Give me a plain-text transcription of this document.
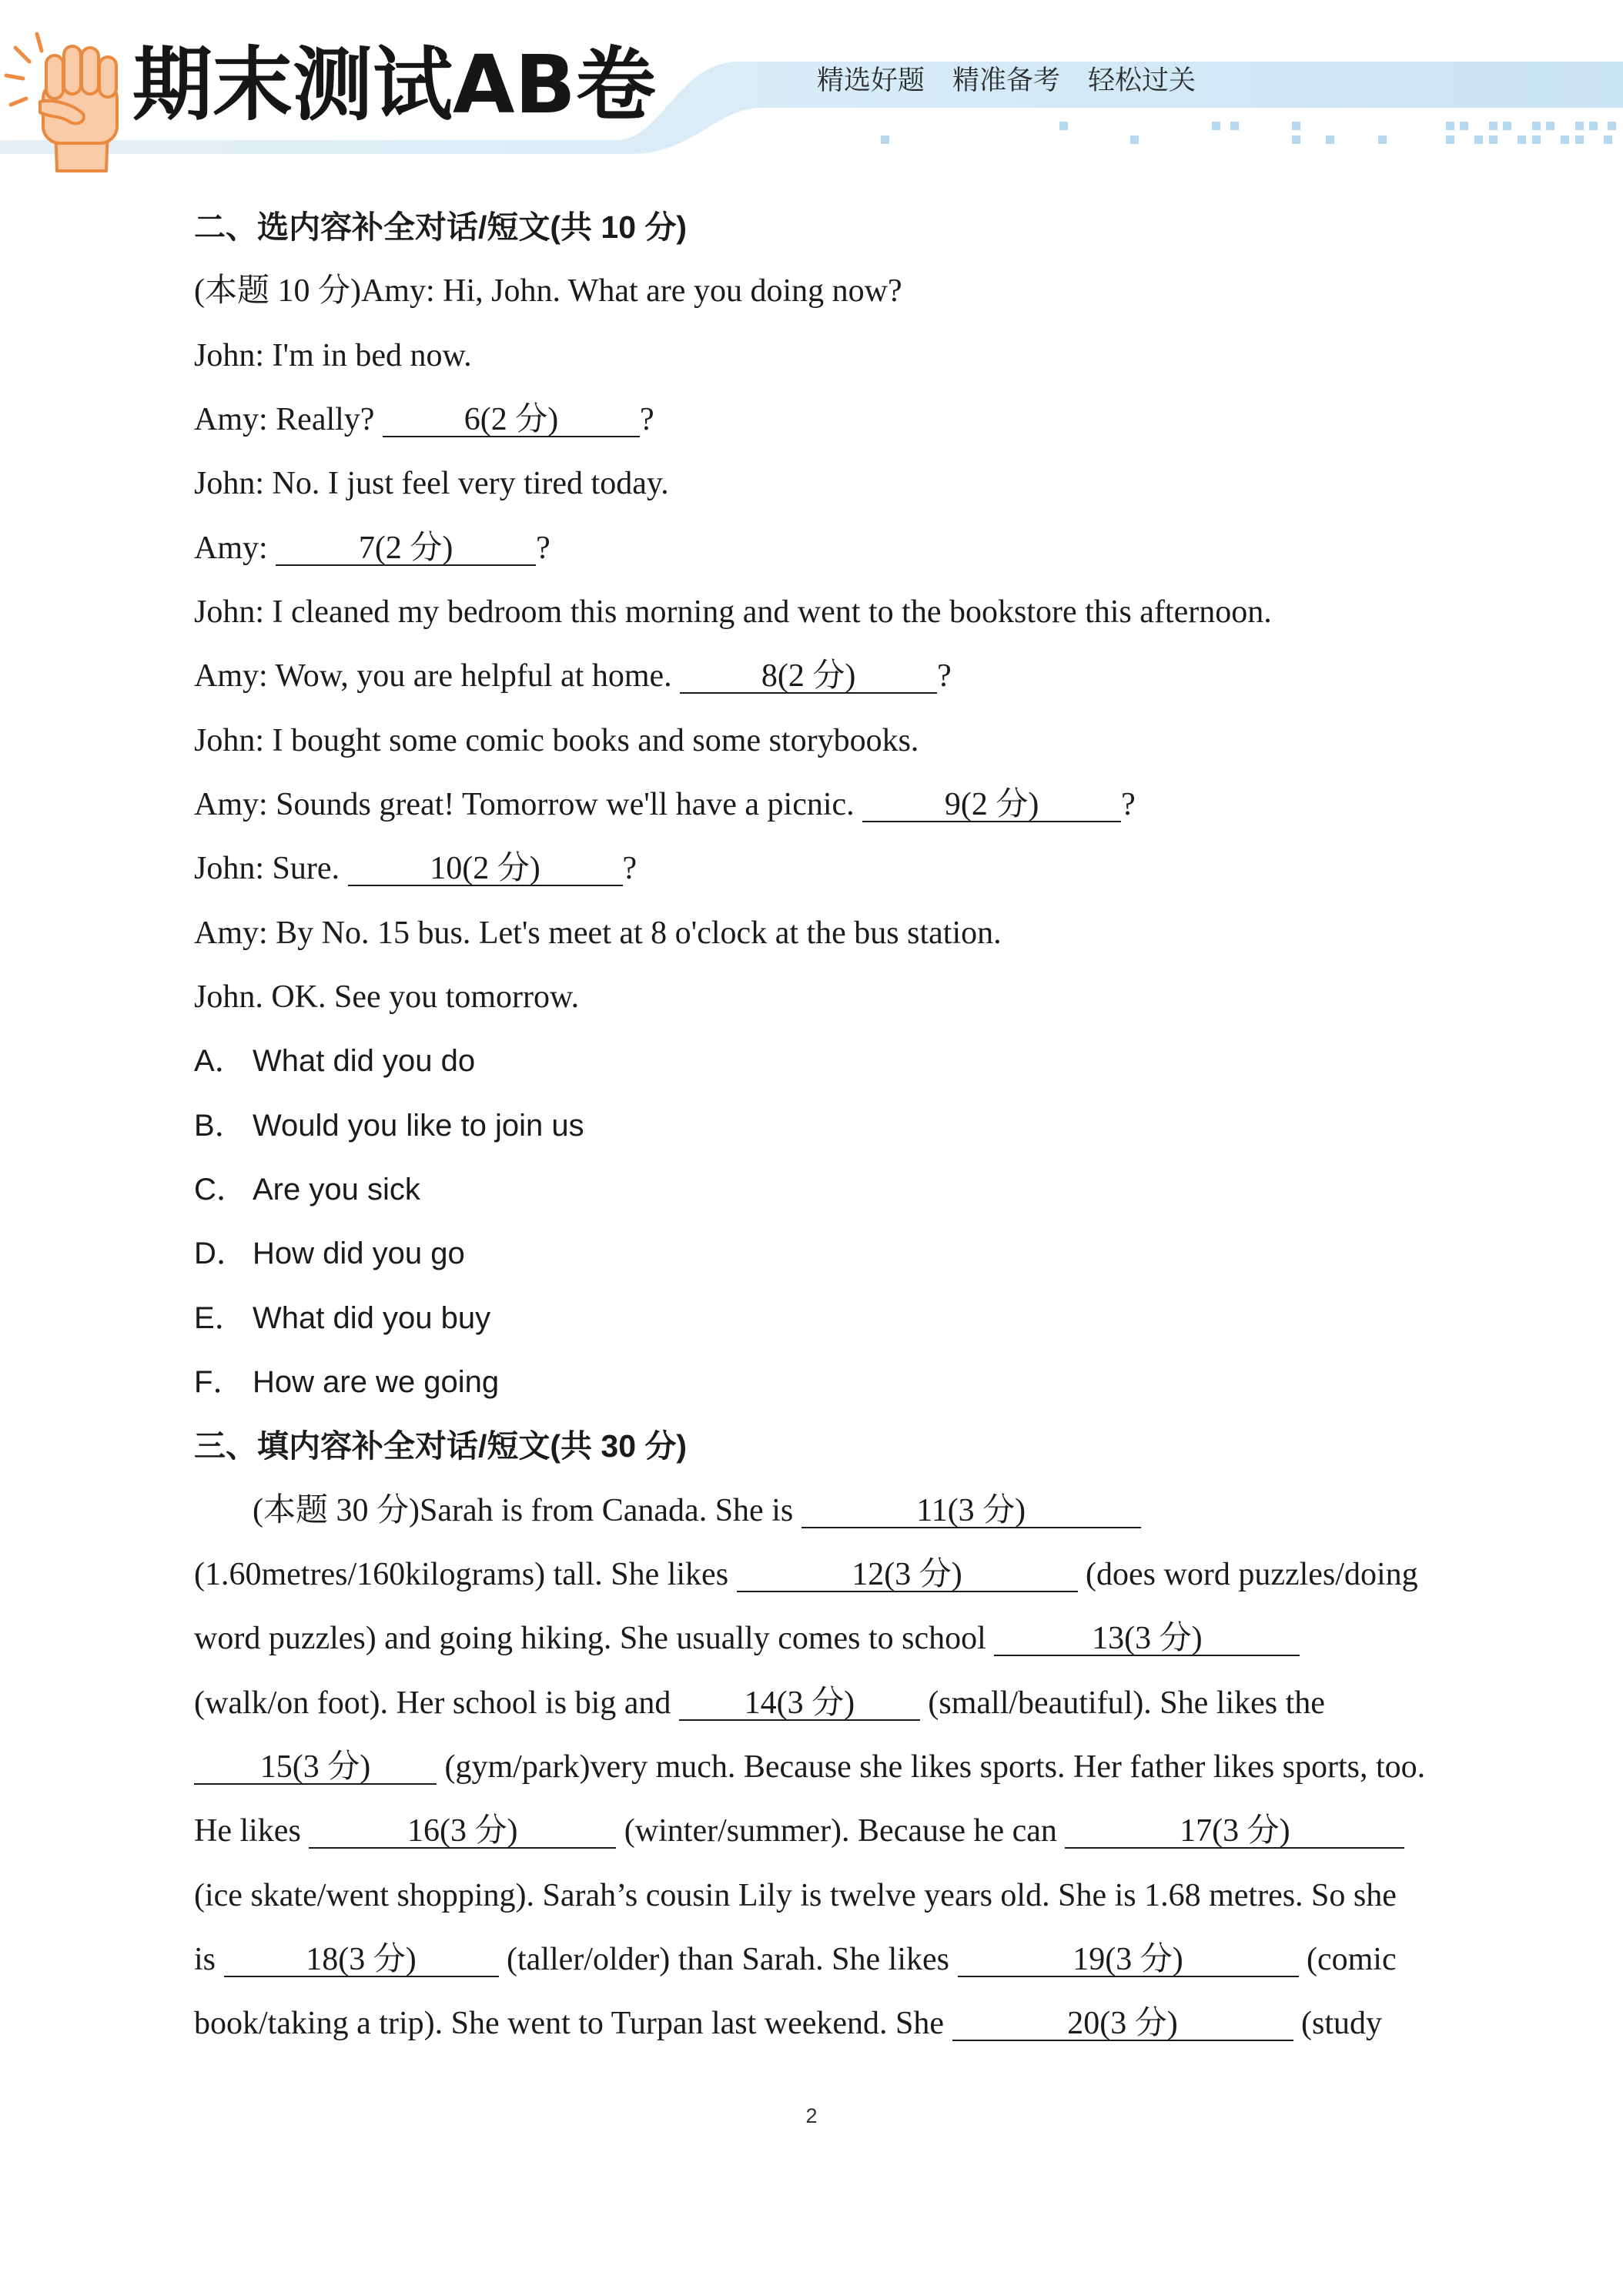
期末测试AB卷	精选好题 精准备考 轻松过关
二、选内容补全对话/短文(共 10 分)
(本题 10 分)Amy: Hi, John. What are you doing now?
John: I'm in bed now.
Amy: Really?	6(2 分)	?
John: No. I just feel very tired today.
Amy:	7(2 分)	?
John: I cleaned my bedroom this morning and went to the bookstore this afternoon.
Amy: Wow, you are helpful at home.	8(2 分)	?
John: I bought some comic books and some storybooks.
Amy: Sounds great! Tomorrow we'll have a picnic.	9(2 分)	?
John: Sure.	10(2 分)	?
Amy: By No. 15 bus. Let's meet at 8 o'clock at the bus station.
John. OK. See you tomorrow.
A． What did you do
B． Would you like to join us
C． Are you sick
D． How did you go
E． What did you buy
F． How are we going
三、填内容补全对话/短文(共 30 分)
(本题 30 分)Sarah is from Canada. She is	11(3 分)
(1.60metres/160kilograms) tall. She likes	12(3 分)	(does word puzzles/doing
word puzzles) and going hiking. She usually comes to school	13(3 分)
(walk/on foot). Her school is big and 14(3 分) (small/beautiful). She likes the
15(3 分) (gym/park)very much. Because she likes sports. Her father likes sports, too.
He likes	16(3 分)	(winter/summer). Because he can	17(3 分)
(ice skate/went shopping). Sarah’s cousin Lily is twelve years old. She is 1.68 metres. So she
is	18(3 分)	(taller/older) than Sarah. She likes	19(3 分)	(comic
book/taking a trip). She went to Turpan last weekend. She	20(3 分)	(study
2
